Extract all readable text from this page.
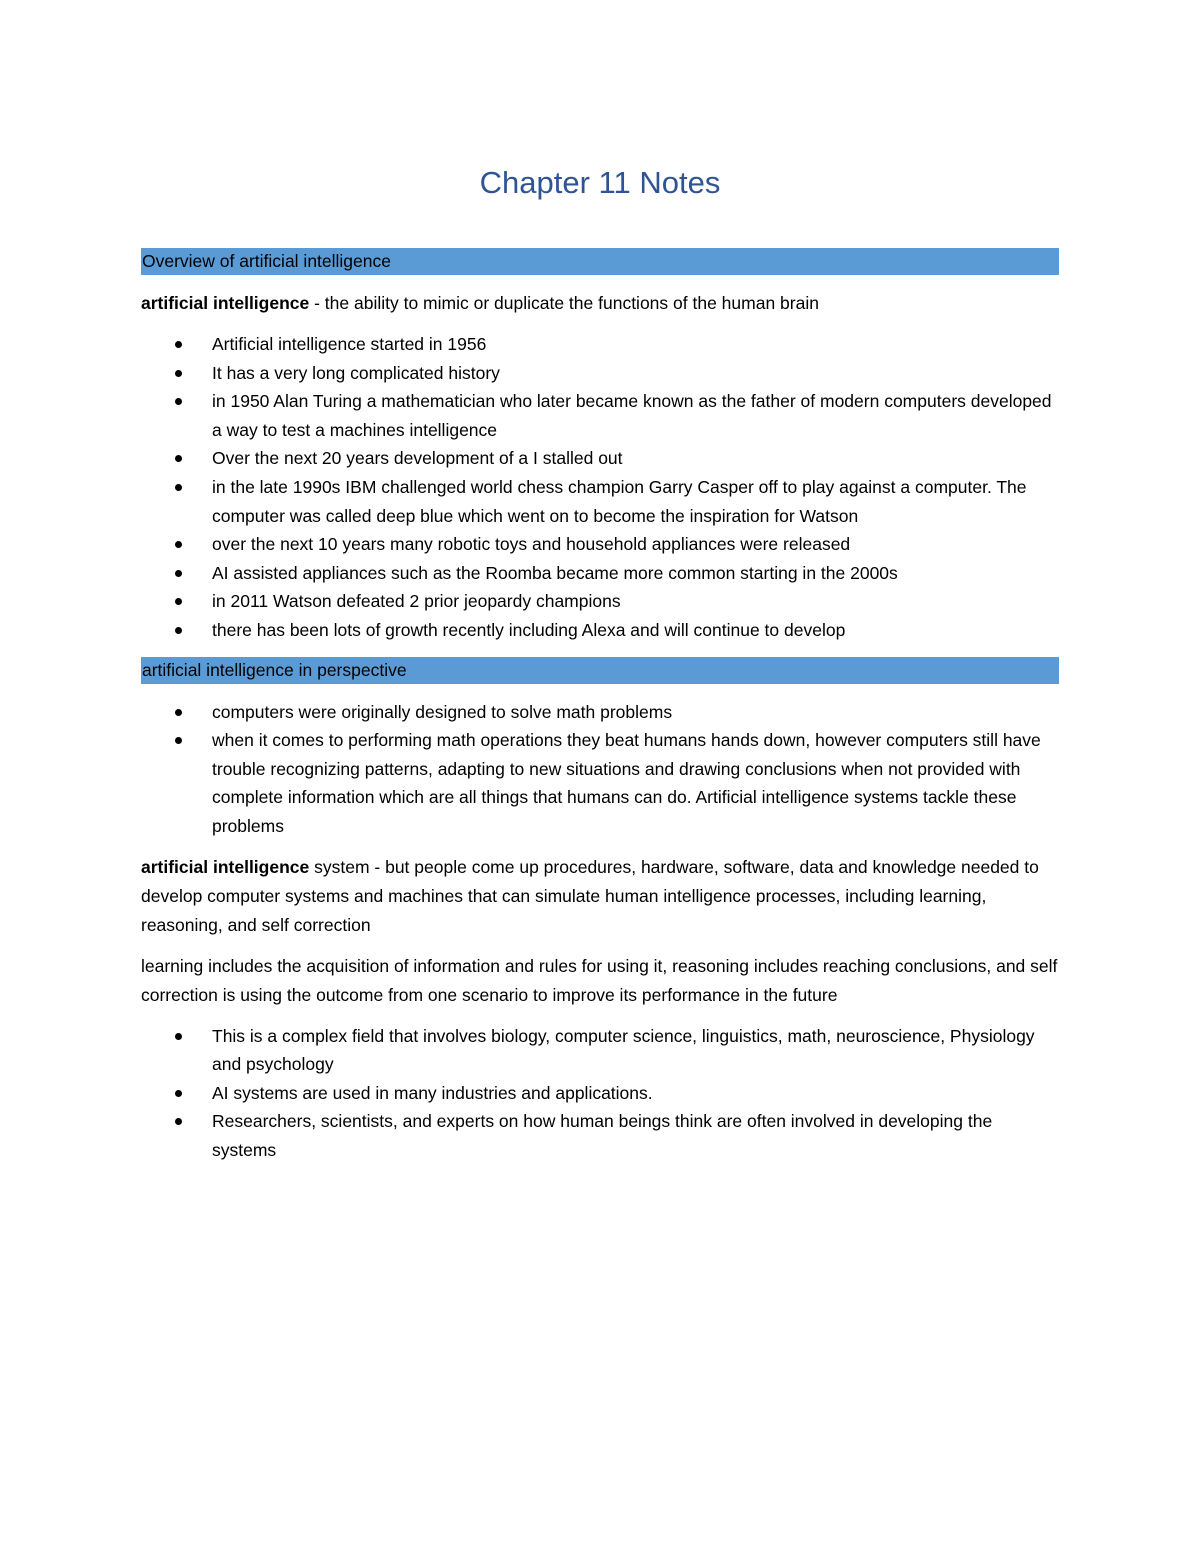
Chapter 11 Notes
Overview of artificial intelligence

artificial intelligence - the ability to mimic or duplicate the functions of the human brain

Artificial intelligence started in 1956
It has a very long complicated history
in 1950 Alan Turing a mathematician who later became known as the father of modern computers developed a way to test a machines intelligence
Over the next 20 years development of a I stalled out
in the late 1990s IBM challenged world chess champion Garry Casper off to play against a computer. The computer was called deep blue which went on to become the inspiration for Watson
over the next 10 years many robotic toys and household appliances were released
AI assisted appliances such as the Roomba became more common starting in the 2000s
in 2011 Watson defeated 2 prior jeopardy champions
there has been lots of growth recently including Alexa and will continue to develop
artificial intelligence in perspective
computers were originally designed to solve math problems
when it comes to performing math operations they beat humans hands down, however computers still have trouble recognizing patterns, adapting to new situations and drawing conclusions when not provided with complete information which are all things that humans can do. Artificial intelligence systems tackle these problems

artificial intelligence system - but people come up procedures, hardware, software, data and knowledge needed to develop computer systems and machines that can simulate human intelligence processes, including learning, reasoning, and self correction

learning includes the acquisition of information and rules for using it, reasoning includes reaching conclusions, and self correction is using the outcome from one scenario to improve its performance in the future

This is a complex field that involves biology, computer science, linguistics, math, neuroscience, Physiology and psychology
AI systems are used in many industries and applications.
Researchers, scientists, and experts on how human beings think are often involved in developing the systems
